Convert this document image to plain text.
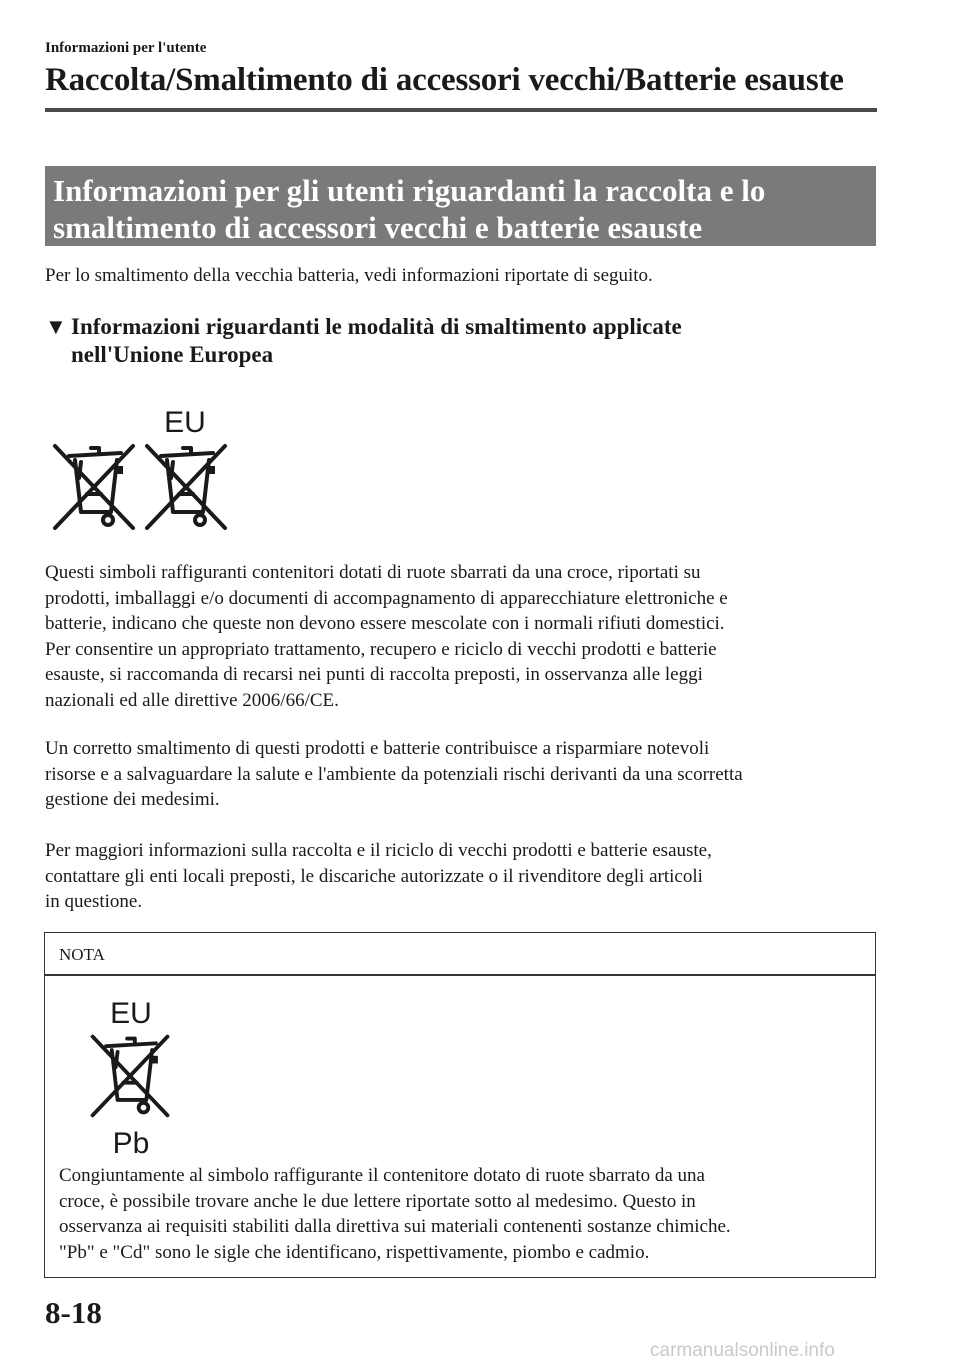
Informazioni per l'utente
Raccolta/Smaltimento di accessori vecchi/Batterie esauste
Informazioni per gli utenti riguardanti la raccolta e lo
smaltimento di accessori vecchi e batterie esauste
Per lo smaltimento della vecchia batteria, vedi informazioni riportate di seguito.
▼ Informazioni riguardanti le modalità di smaltimento applicate
nell'Unione Europea
EU
Questi simboli raffiguranti contenitori dotati di ruote sbarrati da una croce, riportati su
prodotti, imballaggi e/o documenti di accompagnamento di apparecchiature elettroniche e
batterie, indicano che queste non devono essere mescolate con i normali rifiuti domestici.
Per consentire un appropriato trattamento, recupero e riciclo di vecchi prodotti e batterie
esauste, si raccomanda di recarsi nei punti di raccolta preposti, in osservanza alle leggi
nazionali ed alle direttive 2006/66/CE.
Un corretto smaltimento di questi prodotti e batterie contribuisce a risparmiare notevoli
risorse e a salvaguardare la salute e l'ambiente da potenziali rischi derivanti da una scorretta
gestione dei medesimi.
Per maggiori informazioni sulla raccolta e il riciclo di vecchi prodotti e batterie esauste,
contattare gli enti locali preposti, le discariche autorizzate o il rivenditore degli articoli
in questione.
NOTA
EU
Pb
Congiuntamente al simbolo raffigurante il contenitore dotato di ruote sbarrato da una
croce, è possibile trovare anche le due lettere riportate sotto al medesimo. Questo in
osservanza ai requisiti stabiliti dalla direttiva sui materiali contenenti sostanze chimiche.
"Pb" e "Cd" sono le sigle che identificano, rispettivamente, piombo e cadmio.
8-18
carmanualsonline.info
